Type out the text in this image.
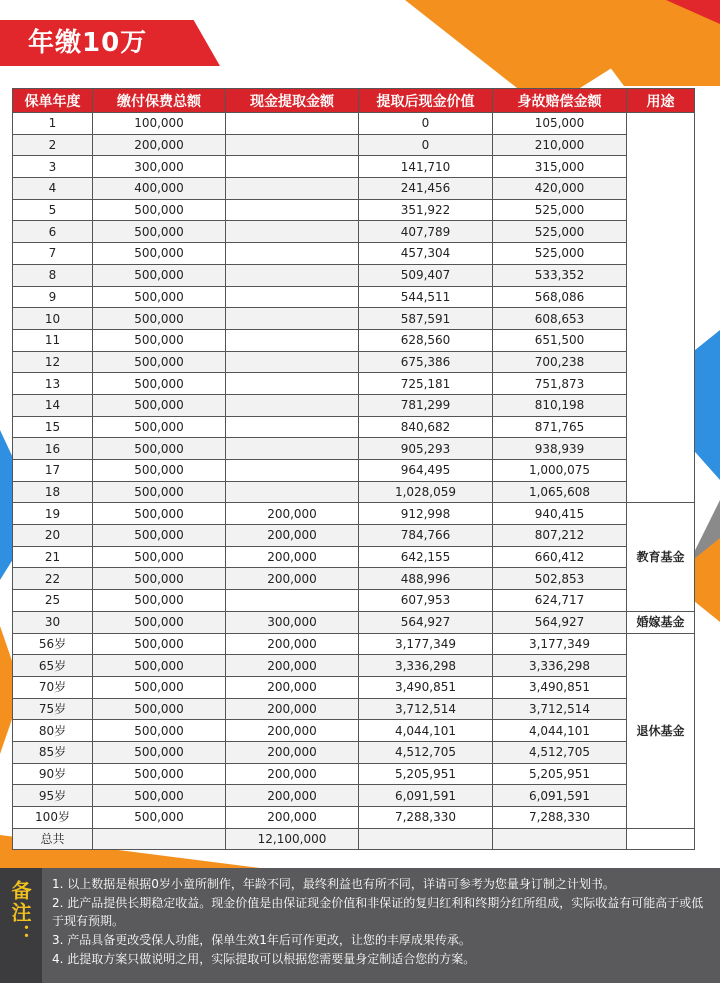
年缴10万
保单年度	缴付保费总额	现金提取金额	提取后现金价值	身故赔偿金额	用途
1	100,000		0	105,000	
2	200,000		0	210,000	
3	300,000		141,710	315,000	
4	400,000		241,456	420,000	
5	500,000		351,922	525,000	
6	500,000		407,789	525,000	
7	500,000		457,304	525,000	
8	500,000		509,407	533,352	
9	500,000		544,511	568,086	
10	500,000		587,591	608,653	
11	500,000		628,560	651,500	
12	500,000		675,386	700,238	
13	500,000		725,181	751,873	
14	500,000		781,299	810,198	
15	500,000		840,682	871,765	
16	500,000		905,293	938,939	
17	500,000		964,495	1,000,075	
18	500,000		1,028,059	1,065,608	
19	500,000	200,000	912,998	940,415	教育基金
20	500,000	200,000	784,766	807,212	
21	500,000	200,000	642,155	660,412	
22	500,000	200,000	488,996	502,853	
25	500,000		607,953	624,717	
30	500,000	300,000	564,927	564,927	婚嫁基金
56岁	500,000	200,000	3,177,349	3,177,349	退休基金
65岁	500,000	200,000	3,336,298	3,336,298	
70岁	500,000	200,000	3,490,851	3,490,851	
75岁	500,000	200,000	3,712,514	3,712,514	
80岁	500,000	200,000	4,044,101	4,044,101	
85岁	500,000	200,000	4,512,705	4,512,705	
90岁	500,000	200,000	5,205,951	5,205,951	
95岁	500,000	200,000	6,091,591	6,091,591	
100岁	500,000	200,000	7,288,330	7,288,330	
总共		12,100,000			
备注： 1. 以上数据是根据0岁小童所制作，年龄不同，最终利益也有所不同，详请可参考为您量身订制之计划书。
2. 此产品提供长期稳定收益。现金价值是由保证现金价值和非保证的复归红利和终期分红所组成，实际收益有可能高于或低于现有预期。
3. 产品具备更改受保人功能，保单生效1年后可作更改，让您的丰厚成果传承。
4. 此提取方案只做说明之用，实际提取可以根据您需要量身定制适合您的方案。
